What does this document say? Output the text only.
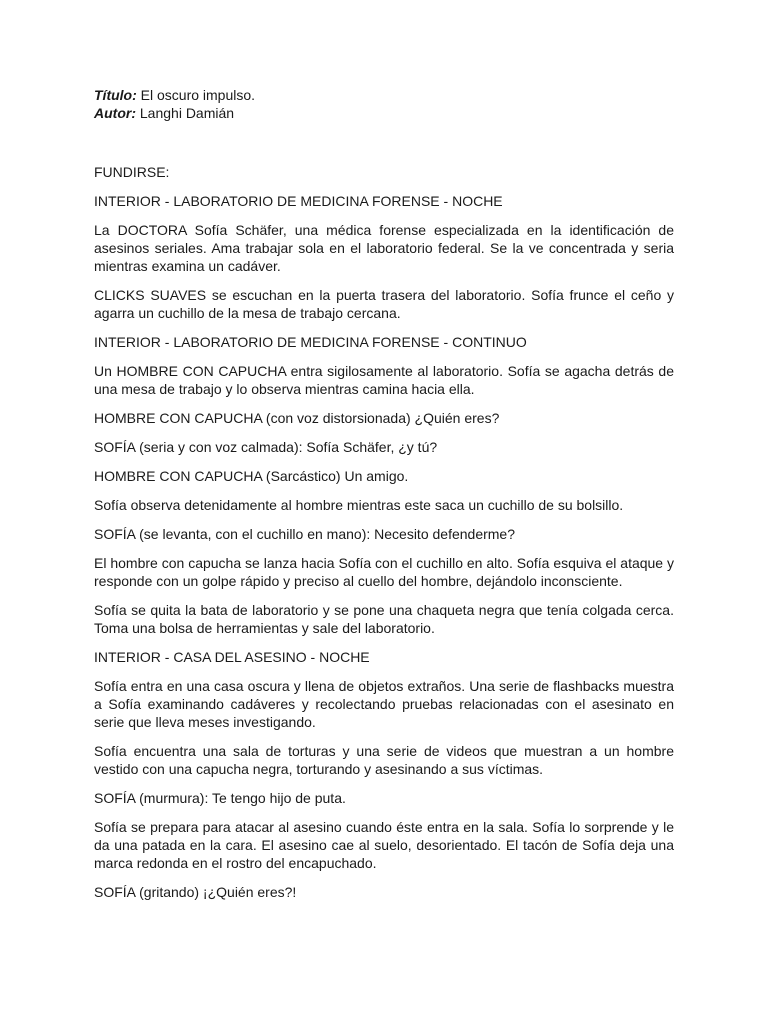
Título: El oscuro impulso.
Autor: Langhi Damián

FUNDIRSE:

INTERIOR - LABORATORIO DE MEDICINA FORENSE - NOCHE

La DOCTORA Sofía Schäfer, una médica forense especializada en la identificación de asesinos seriales. Ama trabajar sola en el laboratorio federal. Se la ve concentrada y seria mientras examina un cadáver.

CLICKS SUAVES se escuchan en la puerta trasera del laboratorio. Sofía frunce el ceño y agarra un cuchillo de la mesa de trabajo cercana.

INTERIOR - LABORATORIO DE MEDICINA FORENSE - CONTINUO

Un HOMBRE CON CAPUCHA entra sigilosamente al laboratorio. Sofía se agacha detrás de una mesa de trabajo y lo observa mientras camina hacia ella.

HOMBRE CON CAPUCHA (con voz distorsionada) ¿Quién eres?

SOFÍA (seria y con voz calmada): Sofía Schäfer, ¿y tú?

HOMBRE CON CAPUCHA (Sarcástico) Un amigo.

Sofía observa detenidamente al hombre mientras este saca un cuchillo de su bolsillo.

SOFÍA (se levanta, con el cuchillo en mano): Necesito defenderme?

El hombre con capucha se lanza hacia Sofía con el cuchillo en alto. Sofía esquiva el ataque y responde con un golpe rápido y preciso al cuello del hombre, dejándolo inconsciente.

Sofía se quita la bata de laboratorio y se pone una chaqueta negra que tenía colgada cerca. Toma una bolsa de herramientas y sale del laboratorio.

INTERIOR - CASA DEL ASESINO - NOCHE

Sofía entra en una casa oscura y llena de objetos extraños. Una serie de flashbacks muestra a Sofía examinando cadáveres y recolectando pruebas relacionadas con el asesinato en serie que lleva meses investigando.

Sofía encuentra una sala de torturas y una serie de videos que muestran a un hombre vestido con una capucha negra, torturando y asesinando a sus víctimas.

SOFÍA (murmura): Te tengo hijo de puta.

Sofía se prepara para atacar al asesino cuando éste entra en la sala. Sofía lo sorprende y le da una patada en la cara. El asesino cae al suelo, desorientado. El tacón de Sofía deja una marca redonda en el rostro del encapuchado.

SOFÍA (gritando) ¡¿Quién eres?!
